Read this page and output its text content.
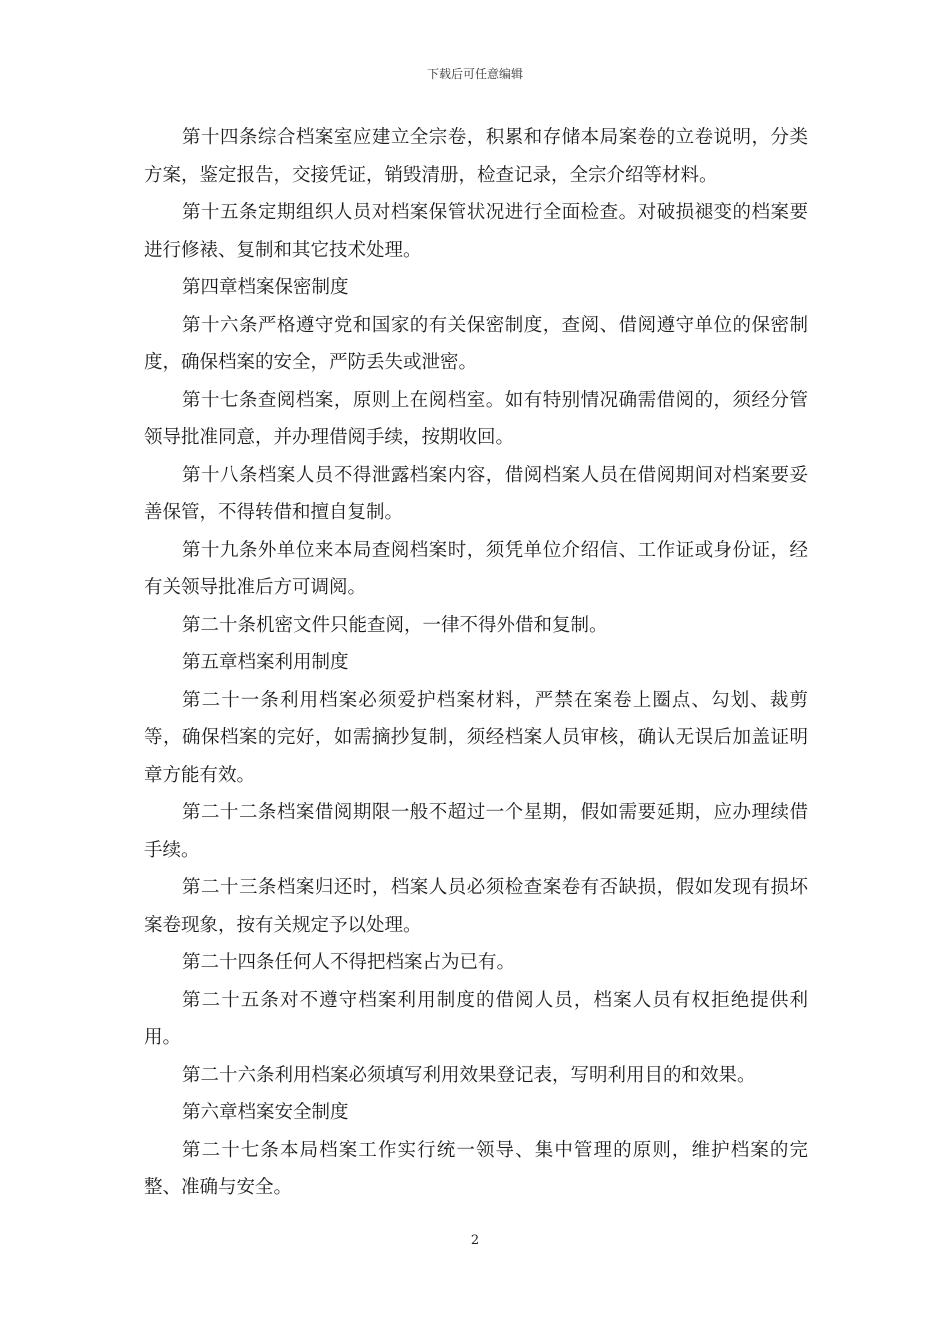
下载后可任意编辑

第十四条综合档案室应建立全宗卷，积累和存储本局案卷的立卷说明，分类方案，鉴定报告，交接凭证，销毁清册，检查记录，全宗介绍等材料。

第十五条定期组织人员对档案保管状况进行全面检查。对破损褪变的档案要进行修裱、复制和其它技术处理。

第四章档案保密制度

第十六条严格遵守党和国家的有关保密制度，查阅、借阅遵守单位的保密制度，确保档案的安全，严防丢失或泄密。

第十七条查阅档案，原则上在阅档室。如有特别情况确需借阅的，须经分管领导批准同意，并办理借阅手续，按期收回。

第十八条档案人员不得泄露档案内容，借阅档案人员在借阅期间对档案要妥善保管，不得转借和擅自复制。

第十九条外单位来本局查阅档案时，须凭单位介绍信、工作证或身份证，经有关领导批准后方可调阅。

第二十条机密文件只能查阅，一律不得外借和复制。

第五章档案利用制度

第二十一条利用档案必须爱护档案材料，严禁在案卷上圈点、勾划、裁剪等，确保档案的完好，如需摘抄复制，须经档案人员审核，确认无误后加盖证明章方能有效。

第二十二条档案借阅期限一般不超过一个星期，假如需要延期，应办理续借手续。

第二十三条档案归还时，档案人员必须检查案卷有否缺损，假如发现有损坏案卷现象，按有关规定予以处理。

第二十四条任何人不得把档案占为已有。

第二十五条对不遵守档案利用制度的借阅人员，档案人员有权拒绝提供利用。

第二十六条利用档案必须填写利用效果登记表，写明利用目的和效果。

第六章档案安全制度

第二十七条本局档案工作实行统一领导、集中管理的原则，维护档案的完整、准确与安全。

2
